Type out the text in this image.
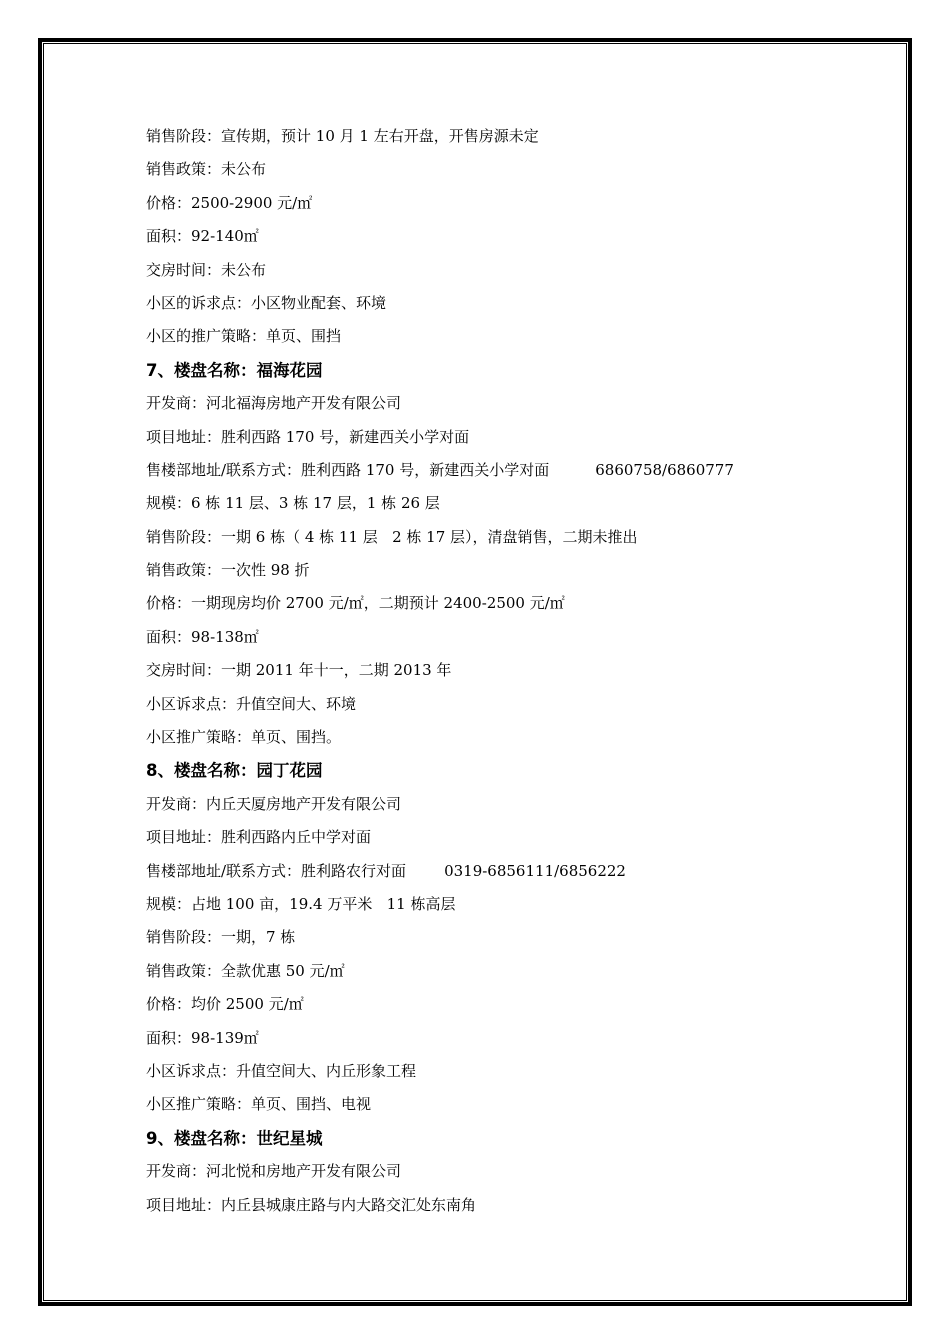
销售阶段：宣传期，预计 10 月 1 左右开盘，开售房源未定
销售政策：未公布
价格：2500-2900 元/㎡
面积：92-140㎡
交房时间：未公布
小区的诉求点：小区物业配套、环境
小区的推广策略：单页、围挡
7、楼盘名称：福海花园
开发商：河北福海房地产开发有限公司
项目地址：胜利西路 170 号，新建西关小学对面
售楼部地址/联系方式：胜利西路 170 号，新建西关小学对面	6860758/6860777
规模：6 栋 11 层、3 栋 17 层，1 栋 26 层
销售阶段：一期 6 栋（ 4 栋 11 层   2 栋 17 层），清盘销售，二期未推出
销售政策：一次性 98 折
价格：一期现房均价 2700 元/㎡，二期预计 2400-2500 元/㎡
面积：98-138㎡
交房时间：一期 2011 年十一，二期 2013 年
小区诉求点：升值空间大、环境
小区推广策略：单页、围挡。
8、楼盘名称：园丁花园
开发商：内丘天厦房地产开发有限公司
项目地址：胜利西路内丘中学对面
售楼部地址/联系方式：胜利路农行对面	0319-6856111/6856222
规模：占地 100 亩，19.4 万平米   11 栋高层
销售阶段：一期，7 栋
销售政策：全款优惠 50 元/㎡
价格：均价 2500 元/㎡
面积：98-139㎡
小区诉求点：升值空间大、内丘形象工程
小区推广策略：单页、围挡、电视
9、楼盘名称：世纪星城
开发商：河北悦和房地产开发有限公司
项目地址：内丘县城康庄路与内大路交汇处东南角
